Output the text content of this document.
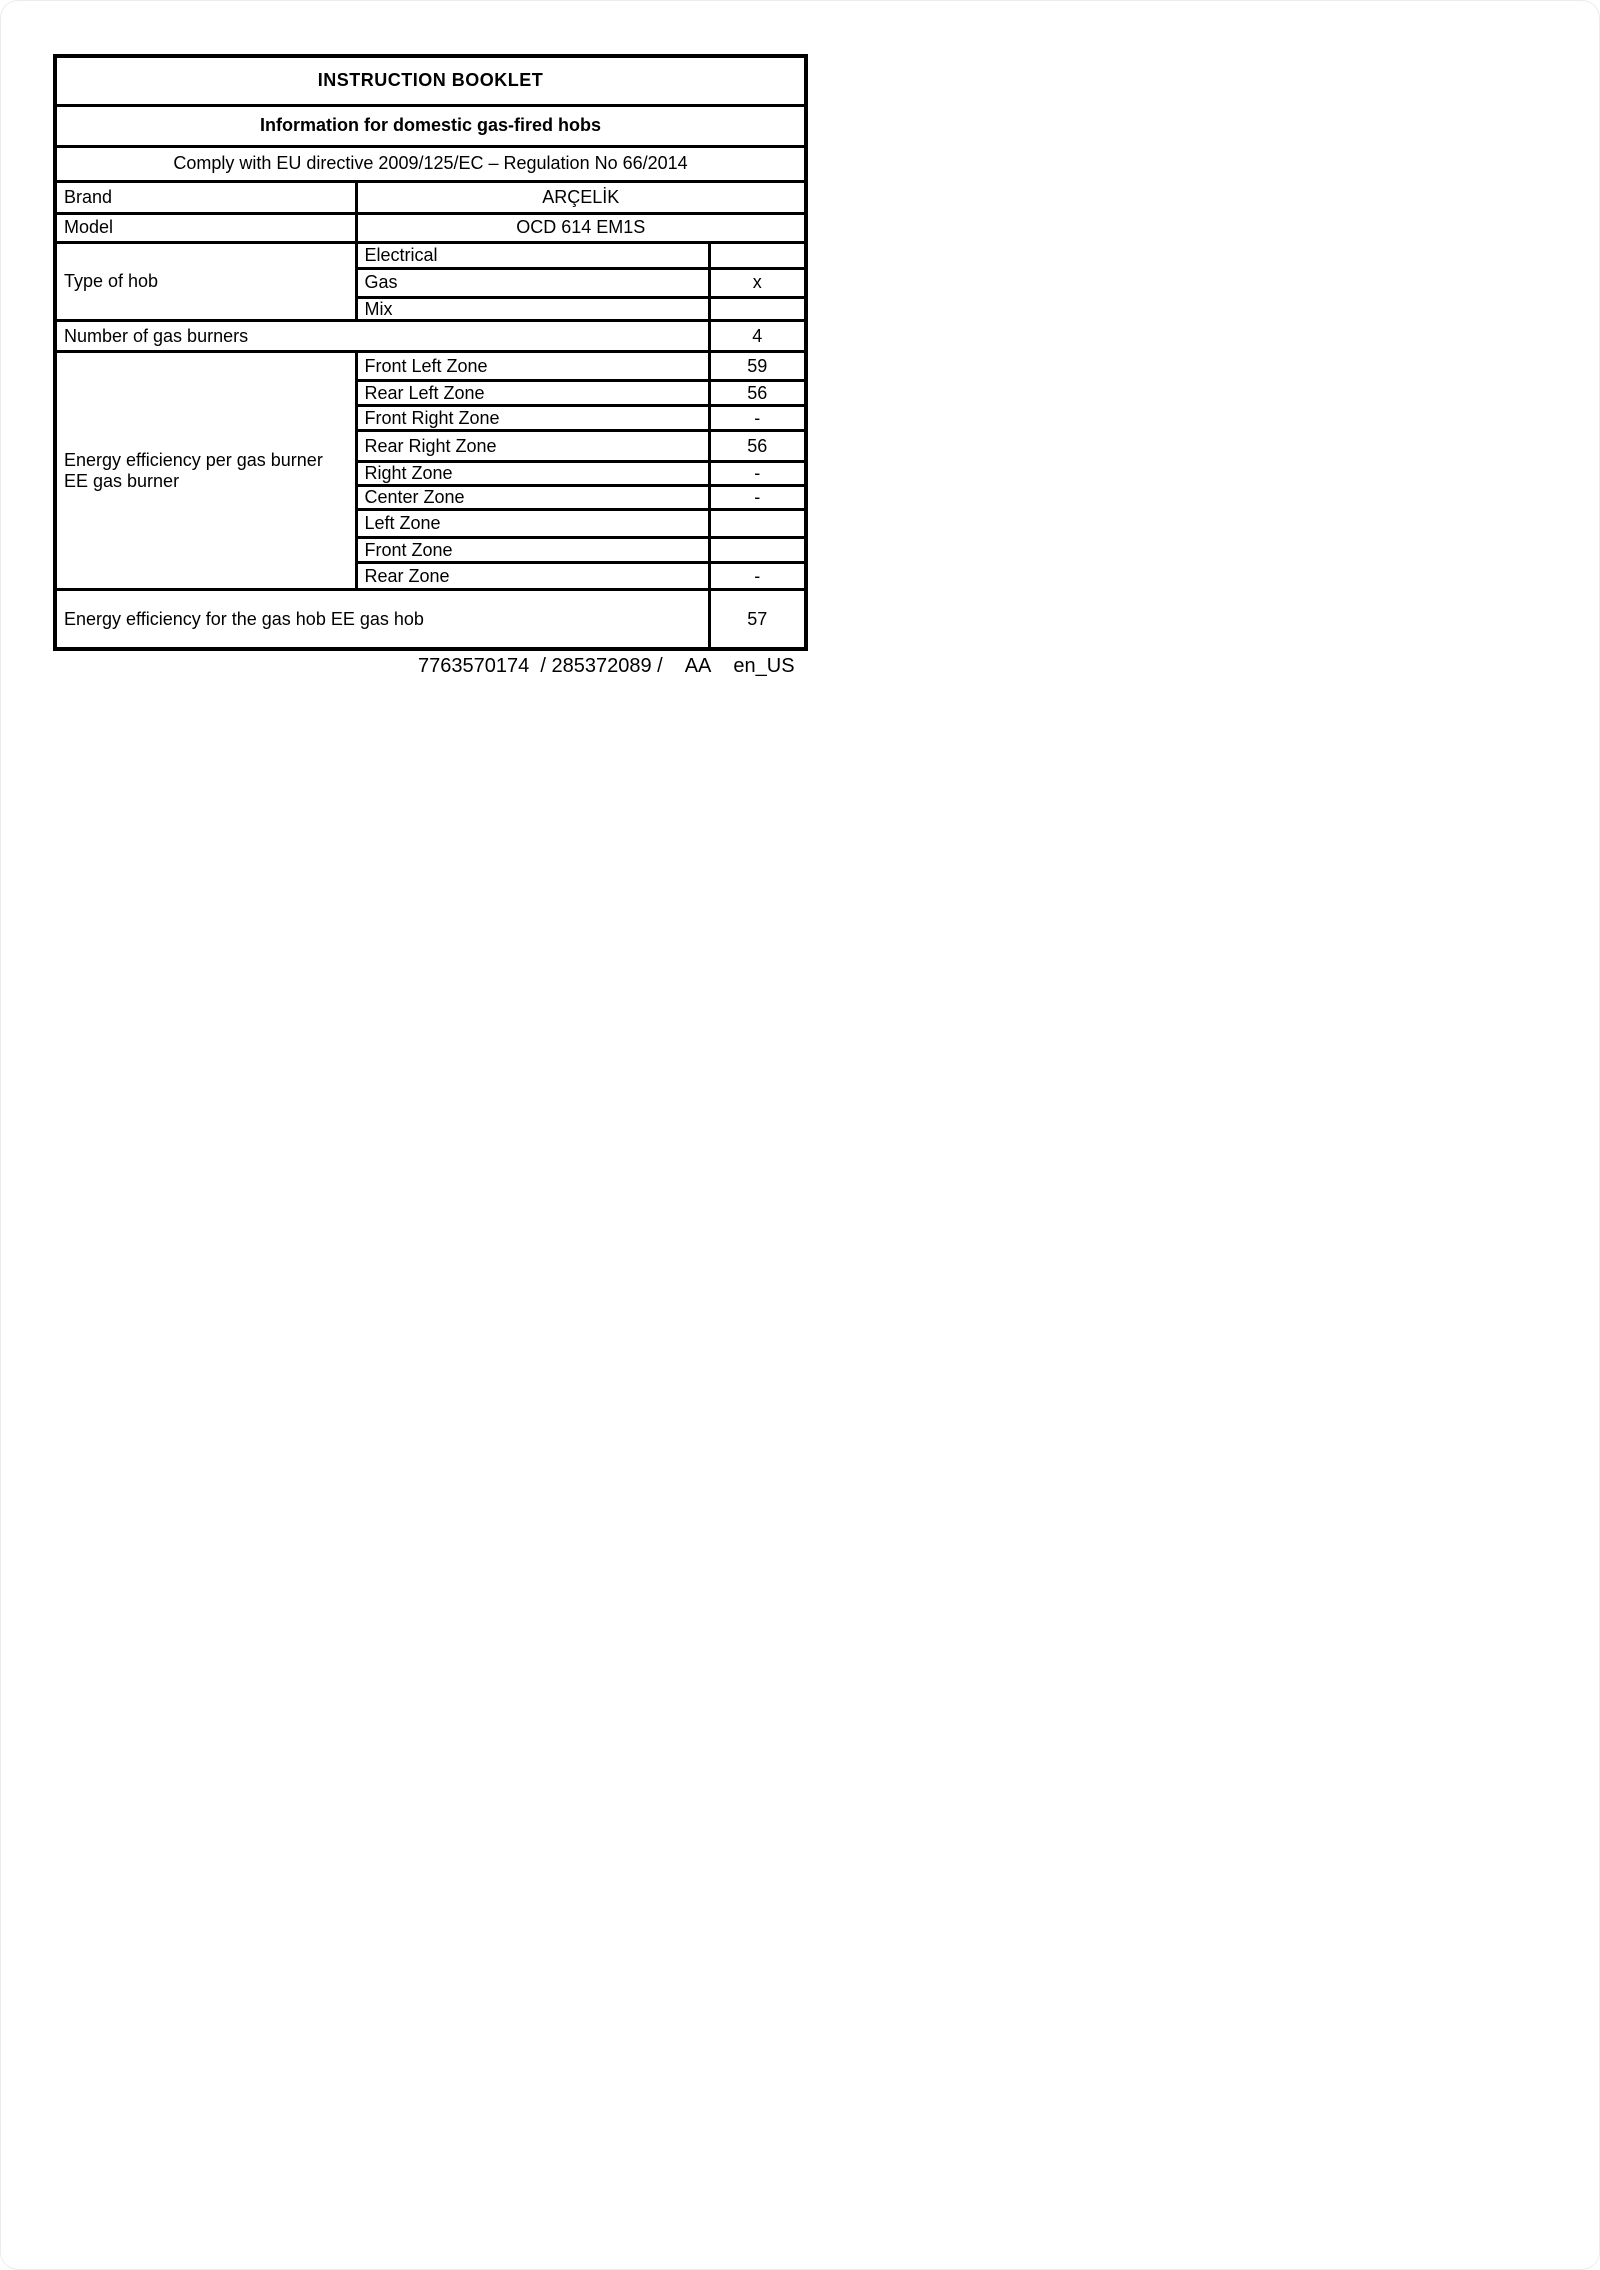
INSTRUCTION BOOKLET		
Information for domestic gas-fired hobs		
Comply with EU directive 2009/125/EC – Regulation No 66/2014		
Brand	ARÇELİK	
Model	OCD 614 EM1S	
Type of hob	Electrical	
	Gas	x
	Mix	
Number of gas burners		4

Energy efficiency per gas burner
EE gas burner	Front Left Zone	59
	Rear Left Zone	56
	Front Right Zone	-
	Rear Right Zone	56
	Right Zone	-
	Center Zone	-
	Left Zone	
	Front Zone	
	Rear Zone	-
Energy efficiency for the gas hob EE gas hob		57
7763570174  / 285372089 / AA en_US
